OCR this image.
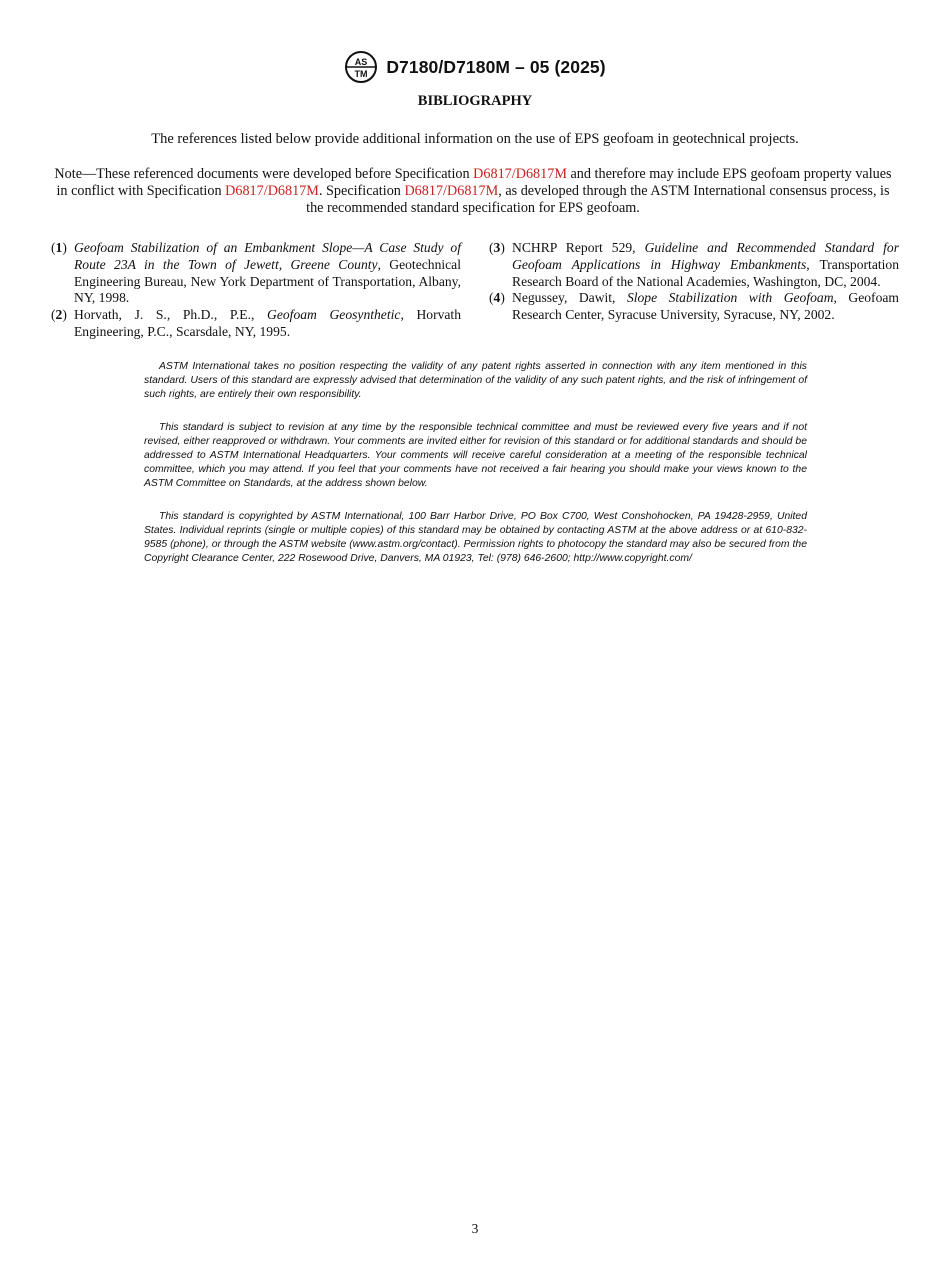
AS
TM D7180/D7180M – 05 (2025)
BIBLIOGRAPHY
The references listed below provide additional information on the use of EPS geofoam in geotechnical projects.
Note—These referenced documents were developed before Specification D6817/D6817M and therefore may include EPS geofoam property values in conflict with Specification D6817/D6817M. Specification D6817/D6817M, as developed through the ASTM International consensus process, is the recommended standard specification for EPS geofoam.
(1) Geofoam Stabilization of an Embankment Slope—A Case Study of Route 23A in the Town of Jewett, Greene County, Geotechnical Engineering Bureau, New York Department of Transportation, Albany, NY, 1998.
(2) Horvath, J. S., Ph.D., P.E., Geofoam Geosynthetic, Horvath Engineering, P.C., Scarsdale, NY, 1995.
(3) NCHRP Report 529, Guideline and Recommended Standard for Geofoam Applications in Highway Embankments, Transportation Research Board of the National Academies, Washington, DC, 2004.
(4) Negussey, Dawit, Slope Stabilization with Geofoam, Geofoam Research Center, Syracuse University, Syracuse, NY, 2002.
ASTM International takes no position respecting the validity of any patent rights asserted in connection with any item mentioned in this standard. Users of this standard are expressly advised that determination of the validity of any such patent rights, and the risk of infringement of such rights, are entirely their own responsibility.
This standard is subject to revision at any time by the responsible technical committee and must be reviewed every five years and if not revised, either reapproved or withdrawn. Your comments are invited either for revision of this standard or for additional standards and should be addressed to ASTM International Headquarters. Your comments will receive careful consideration at a meeting of the responsible technical committee, which you may attend. If you feel that your comments have not received a fair hearing you should make your views known to the ASTM Committee on Standards, at the address shown below.
This standard is copyrighted by ASTM International, 100 Barr Harbor Drive, PO Box C700, West Conshohocken, PA 19428-2959, United States. Individual reprints (single or multiple copies) of this standard may be obtained by contacting ASTM at the above address or at 610-832-9585 (phone), or through the ASTM website (www.astm.org/contact). Permission rights to photocopy the standard may also be secured from the Copyright Clearance Center, 222 Rosewood Drive, Danvers, MA 01923, Tel: (978) 646-2600; http://www.copyright.com/
3
